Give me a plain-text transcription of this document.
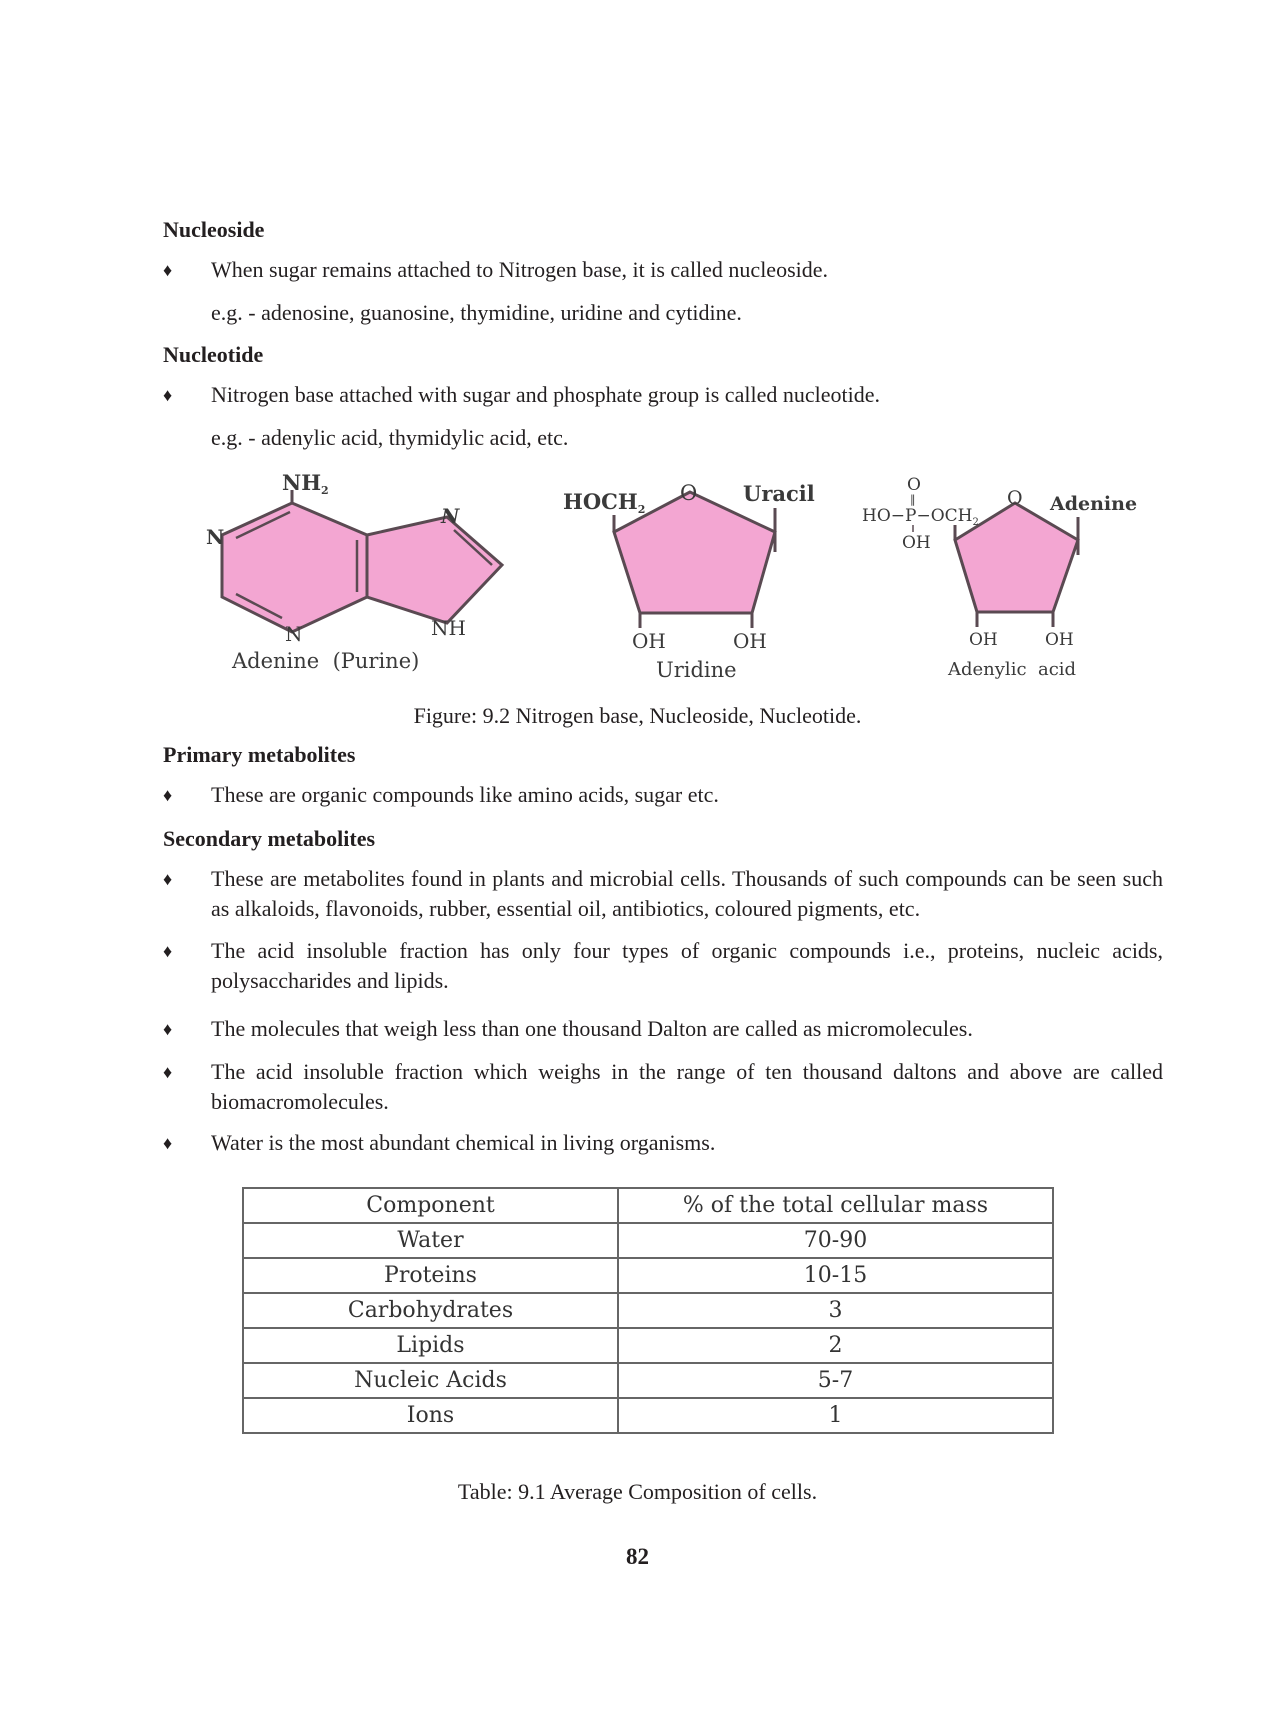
Nucleoside
♦	When sugar remains attached to Nitrogen base, it is called nucleoside.
e.g. - adenosine, guanosine, thymidine, uridine and cytidine.
Nucleotide
♦	Nitrogen base attached with sugar and phosphate group is called nucleotide.
e.g. - adenylic acid, thymidylic acid, etc.
NH2
N
N
N	NH
Adenine  (Purine)
HOCH2
O Uracil
OH	OH
Uridine
O
‖
$HO-P-OCH_2$
OH
O Adenine
OH	OH
Adenylic  acid
Figure: 9.2 Nitrogen base, Nucleoside, Nucleotide.
Primary metabolites
♦	These are organic compounds like amino acids, sugar etc.
Secondary metabolites
♦	These are metabolites found in plants and microbial cells. Thousands of such compounds can be seen such as alkaloids, flavonoids, rubber, essential oil, antibiotics, coloured pigments, etc.
♦	The acid insoluble fraction has only four types of organic compounds i.e., proteins, nucleic acids, polysaccharides and lipids.
♦	The molecules that weigh less than one thousand Dalton are called as micromolecules.
♦	The acid insoluble fraction which weighs in the range of ten thousand daltons and above are called biomacromolecules.
♦	Water is the most abundant chemical in living organisms.
Component	% of the total cellular mass
Water	70-90
Proteins	10-15
Carbohydrates	3
Lipids	2
Nucleic Acids	5-7
Ions	1
Table: 9.1 Average Composition of cells.
82
